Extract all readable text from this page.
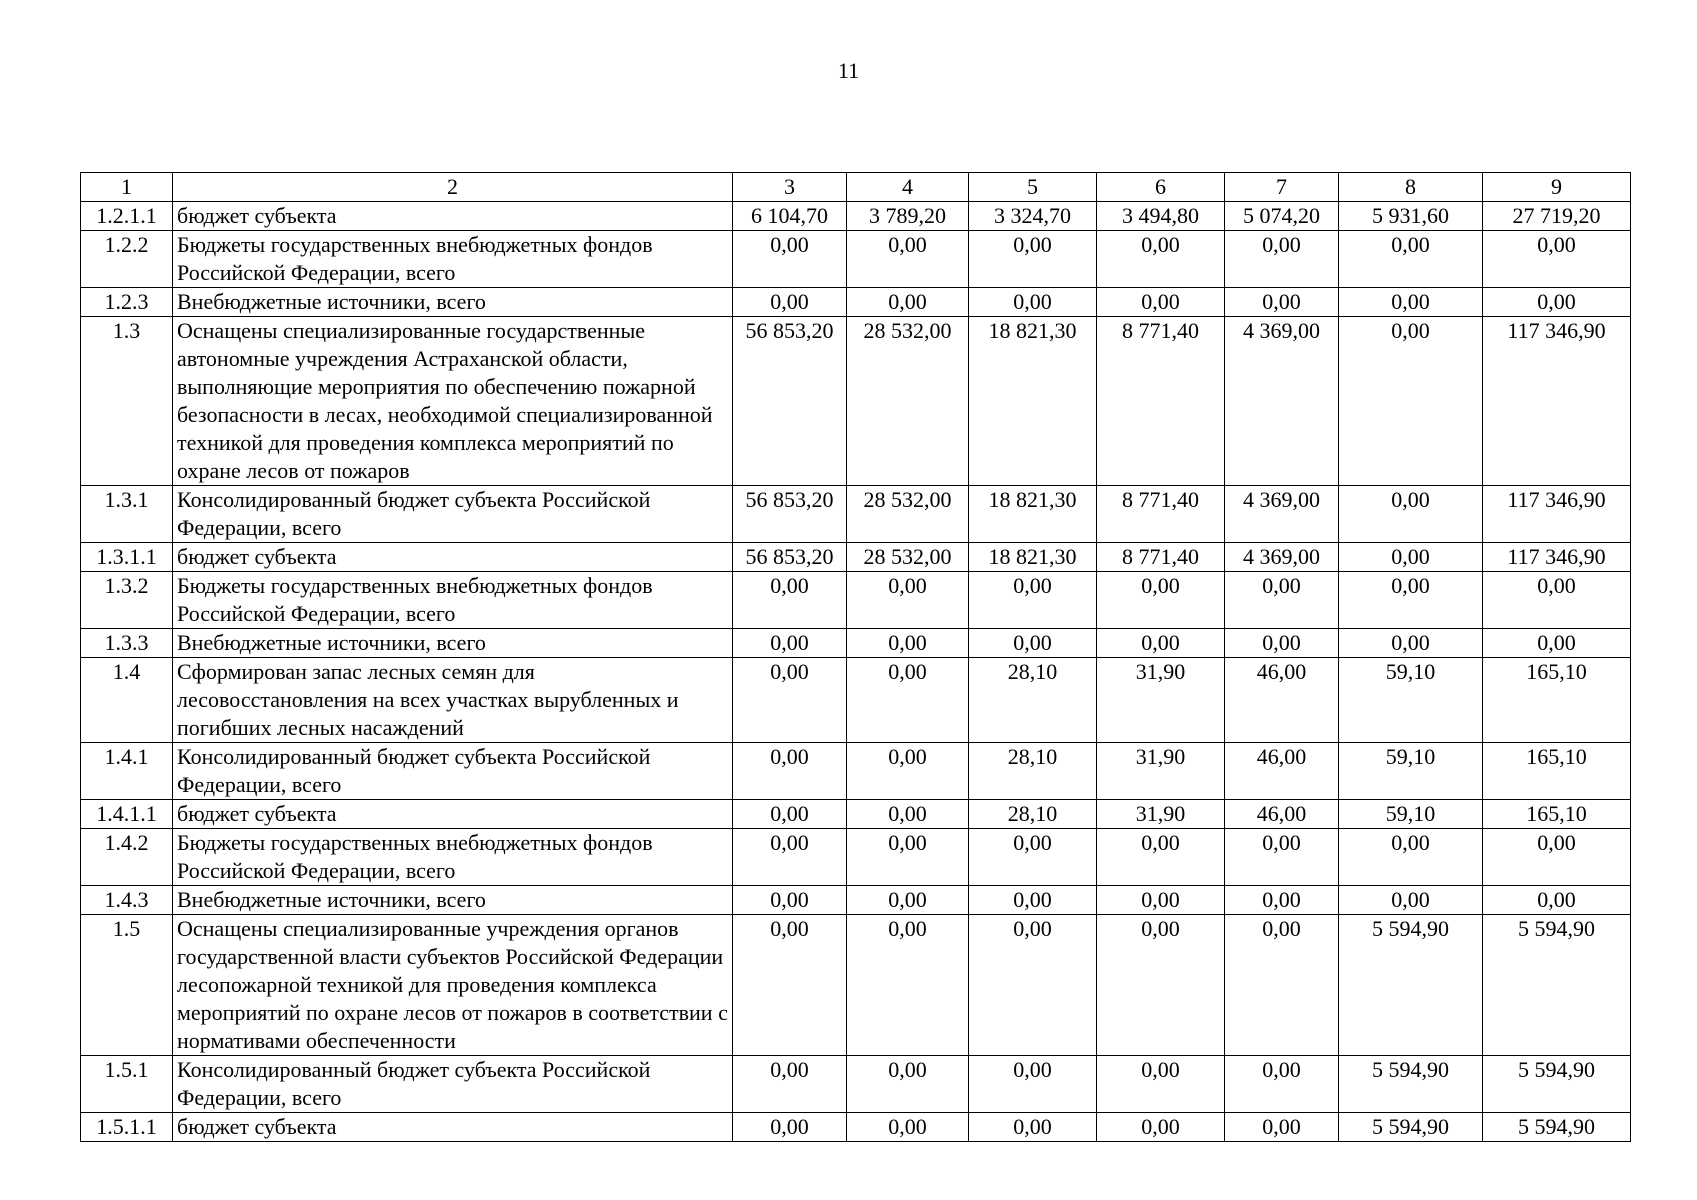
11
1	2	3	4	5	6	7	8	9
1.2.1.1	бюджет субъекта	6 104,70	3 789,20	3 324,70	3 494,80	5 074,20	5 931,60	27 719,20
1.2.2	Бюджеты государственных внебюджетных фондов Российской Федерации, всего	0,00	0,00	0,00	0,00	0,00	0,00	0,00
1.2.3	Внебюджетные источники, всего	0,00	0,00	0,00	0,00	0,00	0,00	0,00
1.3	Оснащены специализированные государственные автономные учреждения Астраханской области, выполняющие мероприятия по обеспечению пожарной безопасности в лесах, необходимой специализированной техникой для проведения комплекса мероприятий по охране лесов от пожаров	56 853,20	28 532,00	18 821,30	8 771,40	4 369,00	0,00	117 346,90
1.3.1	Консолидированный бюджет субъекта Российской Федерации, всего	56 853,20	28 532,00	18 821,30	8 771,40	4 369,00	0,00	117 346,90
1.3.1.1	бюджет субъекта	56 853,20	28 532,00	18 821,30	8 771,40	4 369,00	0,00	117 346,90
1.3.2	Бюджеты государственных внебюджетных фондов Российской Федерации, всего	0,00	0,00	0,00	0,00	0,00	0,00	0,00
1.3.3	Внебюджетные источники, всего	0,00	0,00	0,00	0,00	0,00	0,00	0,00
1.4	Сформирован запас лесных семян для лесовосстановления на всех участках вырубленных и погибших лесных насаждений	0,00	0,00	28,10	31,90	46,00	59,10	165,10
1.4.1	Консолидированный бюджет субъекта Российской Федерации, всего	0,00	0,00	28,10	31,90	46,00	59,10	165,10
1.4.1.1	бюджет субъекта	0,00	0,00	28,10	31,90	46,00	59,10	165,10
1.4.2	Бюджеты государственных внебюджетных фондов Российской Федерации, всего	0,00	0,00	0,00	0,00	0,00	0,00	0,00
1.4.3	Внебюджетные источники, всего	0,00	0,00	0,00	0,00	0,00	0,00	0,00
1.5	Оснащены специализированные учреждения органов государственной власти субъектов Российской Федерации лесопожарной техникой для проведения комплекса мероприятий по охране лесов от пожаров в соответствии с нормативами обеспеченности	0,00	0,00	0,00	0,00	0,00	5 594,90	5 594,90
1.5.1	Консолидированный бюджет субъекта Российской Федерации, всего	0,00	0,00	0,00	0,00	0,00	5 594,90	5 594,90
1.5.1.1	бюджет субъекта	0,00	0,00	0,00	0,00	0,00	5 594,90	5 594,90
